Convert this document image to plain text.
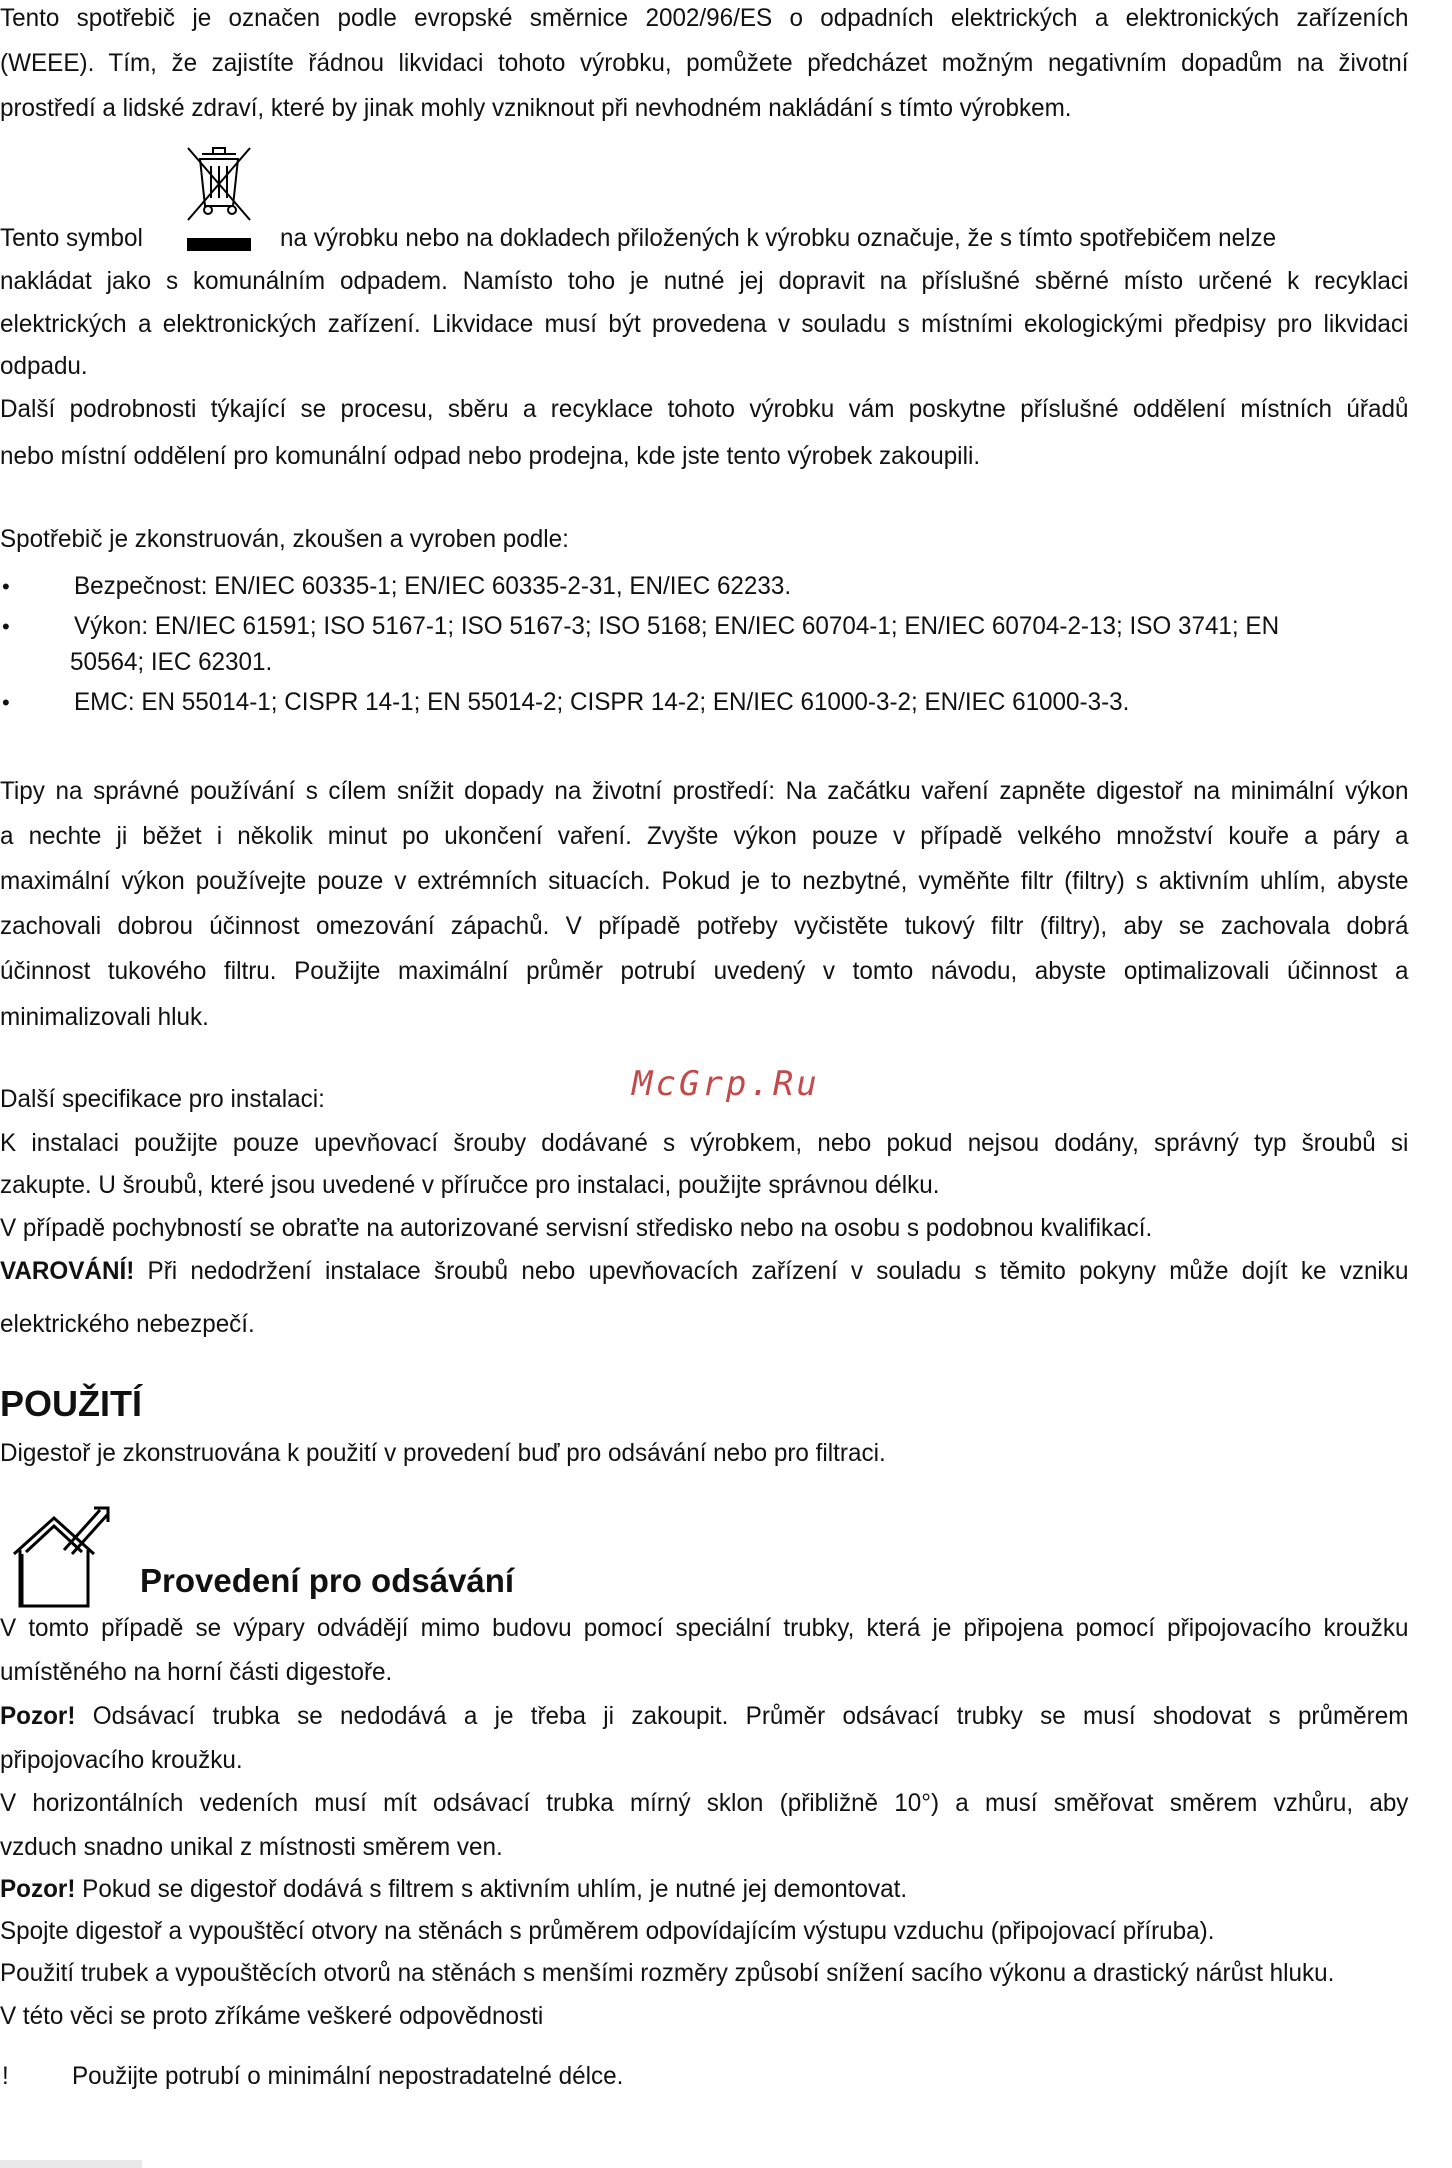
Tento spotřebič je označen podle evropské směrnice 2002/96/ES o odpadních elektrických a elektronických zařízeních

(WEEE). Tím, že zajistíte řádnou likvidaci tohoto výrobku, pomůžete předcházet možným negativním dopadům na životní

prostředí a lidské zdraví, které by jinak mohly vzniknout při nevhodném nakládání s tímto výrobkem.

Tento symbol	na výrobku nebo na dokladech přiložených k výrobku označuje, že s tímto spotřebičem nelze

nakládat jako s komunálním odpadem. Namísto toho je nutné jej dopravit na příslušné sběrné místo určené k recyklaci

elektrických a elektronických zařízení. Likvidace musí být provedena v souladu s místními ekologickými předpisy pro likvidaci

odpadu.

Další podrobnosti týkající se procesu, sběru a recyklace tohoto výrobku vám poskytne příslušné oddělení místních úřadů

nebo místní oddělení pro komunální odpad nebo prodejna, kde jste tento výrobek zakoupili.

Spotřebič je zkonstruován, zkoušen a vyroben podle:

•	Bezpečnost: EN/IEC 60335-1; EN/IEC 60335-2-31, EN/IEC 62233.
•	Výkon: EN/IEC 61591; ISO 5167-1; ISO 5167-3; ISO 5168; EN/IEC 60704-1; EN/IEC 60704-2-13; ISO 3741; EN
50564; IEC 62301.
•	EMC: EN 55014-1; CISPR 14-1; EN 55014-2; CISPR 14-2; EN/IEC 61000-3-2; EN/IEC 61000-3-3.

Tipy na správné používání s cílem snížit dopady na životní prostředí: Na začátku vaření zapněte digestoř na minimální výkon

a nechte ji běžet i několik minut po ukončení vaření. Zvyšte výkon pouze v případě velkého množství kouře a páry a

maximální výkon používejte pouze v extrémních situacích. Pokud je to nezbytné, vyměňte filtr (filtry) s aktivním uhlím, abyste

zachovali dobrou účinnost omezování zápachů. V případě potřeby vyčistěte tukový filtr (filtry), aby se zachovala dobrá

účinnost tukového filtru. Použijte maximální průměr potrubí uvedený v tomto návodu, abyste optimalizovali účinnost a

minimalizovali hluk.

Další specifikace pro instalaci:	McGrp.Ru

K instalaci použijte pouze upevňovací šrouby dodávané s výrobkem, nebo pokud nejsou dodány, správný typ šroubů si

zakupte. U šroubů, které jsou uvedené v příručce pro instalaci, použijte správnou délku.

V případě pochybností se obraťte na autorizované servisní středisko nebo na osobu s podobnou kvalifikací.

VAROVÁNÍ! Při nedodržení instalace šroubů nebo upevňovacích zařízení v souladu s těmito pokyny může dojít ke vzniku

elektrického nebezpečí.

POUŽITÍ

Digestoř je zkonstruována k použití v provedení buď pro odsávání nebo pro filtraci.

Provedení pro odsávání

V tomto případě se výpary odvádějí mimo budovu pomocí speciální trubky, která je připojena pomocí připojovacího kroužku

umístěného na horní části digestoře.

Pozor! Odsávací trubka se nedodává a je třeba ji zakoupit. Průměr odsávací trubky se musí shodovat s průměrem

připojovacího kroužku.

V horizontálních vedeních musí mít odsávací trubka mírný sklon (přibližně 10°) a musí směřovat směrem vzhůru, aby

vzduch snadno unikal z místnosti směrem ven.

Pozor! Pokud se digestoř dodává s filtrem s aktivním uhlím, je nutné jej demontovat.

Spojte digestoř a vypouštěcí otvory na stěnách s průměrem odpovídajícím výstupu vzduchu (připojovací příruba).

Použití trubek a vypouštěcích otvorů na stěnách s menšími rozměry způsobí snížení sacího výkonu a drastický nárůst hluku.

V této věci se proto zříkáme veškeré odpovědnosti

!	Použijte potrubí o minimální nepostradatelné délce.
